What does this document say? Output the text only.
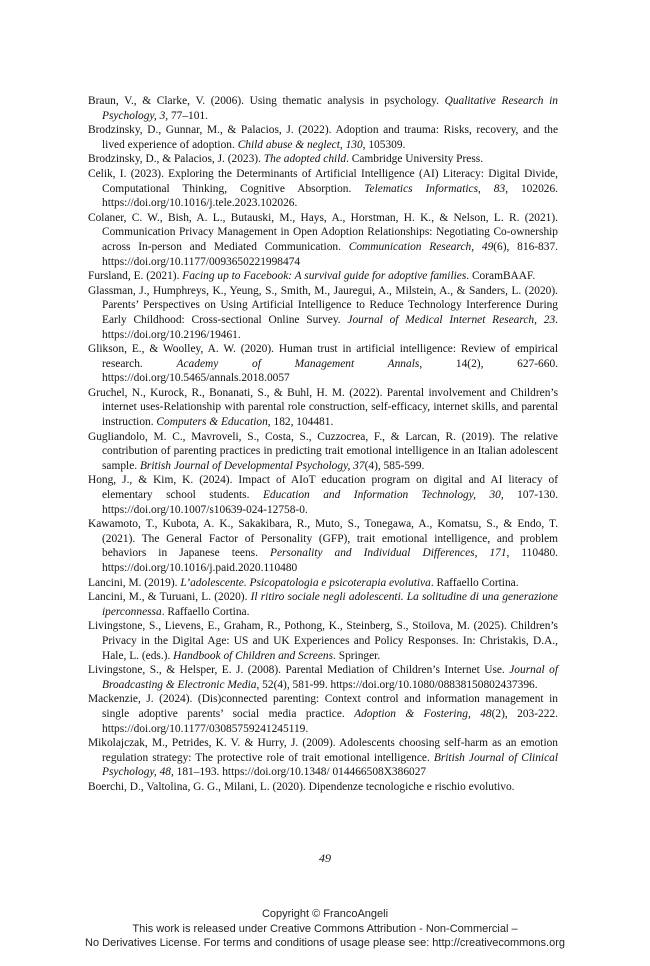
Braun, V., & Clarke, V. (2006). Using thematic analysis in psychology. Qualitative Research in Psychology, 3, 77–101.

Brodzinsky, D., Gunnar, M., & Palacios, J. (2022). Adoption and trauma: Risks, recovery, and the lived experience of adoption. Child abuse & neglect, 130, 105309.

Brodzinsky, D., & Palacios, J. (2023). The adopted child. Cambridge University Press.

Celik, I. (2023). Exploring the Determinants of Artificial Intelligence (AI) Literacy: Digital Divide, Computational Thinking, Cognitive Absorption. Telematics Informatics, 83, 102026. https://doi.org/10.1016/j.tele.2023.102026.

Colaner, C. W., Bish, A. L., Butauski, M., Hays, A., Horstman, H. K., & Nelson, L. R. (2021). Communication Privacy Management in Open Adoption Relationships: Negotiating Co-ownership across In-person and Mediated Communication. Communication Research, 49(6), 816-837. https://doi.org/10.1177/0093650221998474

Fursland, E. (2021). Facing up to Facebook: A survival guide for adoptive families. CoramBAAF.

Glassman, J., Humphreys, K., Yeung, S., Smith, M., Jauregui, A., Milstein, A., & Sanders, L. (2020). Parents’ Perspectives on Using Artificial Intelligence to Reduce Technology Interference During Early Childhood: Cross-sectional Online Survey. Journal of Medical Internet Research, 23. https://doi.org/10.2196/19461.

Glikson, E., & Woolley, A. W. (2020). Human trust in artificial intelligence: Review of empirical research. Academy of Management Annals, 14(2), 627-660. https://doi.org/10.5465/annals.2018.0057

Gruchel, N., Kurock, R., Bonanati, S., & Buhl, H. M. (2022). Parental involvement and Children’s internet uses-Relationship with parental role construction, self-efficacy, internet skills, and parental instruction. Computers & Education, 182, 104481.

Gugliandolo, M. C., Mavroveli, S., Costa, S., Cuzzocrea, F., & Larcan, R. (2019). The relative contribution of parenting practices in predicting trait emotional intelligence in an Italian adolescent sample. British Journal of Developmental Psychology, 37(4), 585-599.

Hong, J., & Kim, K. (2024). Impact of AIoT education program on digital and AI literacy of elementary school students. Education and Information Technology, 30, 107-130. https://doi.org/10.1007/s10639-024-12758-0.

Kawamoto, T., Kubota, A. K., Sakakibara, R., Muto, S., Tonegawa, A., Komatsu, S., & Endo, T. (2021). The General Factor of Personality (GFP), trait emotional intelligence, and problem behaviors in Japanese teens. Personality and Individual Differences, 171, 110480. https://doi.org/10.1016/j.paid.2020.110480

Lancini, M. (2019). L’adolescente. Psicopatologia e psicoterapia evolutiva. Raffaello Cortina.

Lancini, M., & Turuani, L. (2020). Il ritiro sociale negli adolescenti. La solitudine di una generazione iperconnessa. Raffaello Cortina.

Livingstone, S., Lievens, E., Graham, R., Pothong, K., Steinberg, S., Stoilova, M. (2025). Children’s Privacy in the Digital Age: US and UK Experiences and Policy Responses. In: Christakis, D.A., Hale, L. (eds.). Handbook of Children and Screens. Springer.

Livingstone, S., & Helsper, E. J. (2008). Parental Mediation of Children’s Internet Use. Journal of Broadcasting & Electronic Media, 52(4), 581-99. https://doi.org/10.1080/08838150802437396.

Mackenzie, J. (2024). (Dis)connected parenting: Context control and information management in single adoptive parents’ social media practice. Adoption & Fostering, 48(2), 203-222. https://doi.org/10.1177/03085759241245119.

Mikolajczak, M., Petrides, K. V. & Hurry, J. (2009). Adolescents choosing self-harm as an emotion regulation strategy: The protective role of trait emotional intelligence. British Journal of Clinical Psychology, 48, 181–193. https://doi.org/10.1348/ 014466508X386027

Boerchi, D., Valtolina, G. G., Milani, L. (2020). Dipendenze tecnologiche e rischio evolutivo.

49
Copyright © FrancoAngeli
This work is released under Creative Commons Attribution - Non-Commercial –
No Derivatives License. For terms and conditions of usage please see: http://creativecommons.org
